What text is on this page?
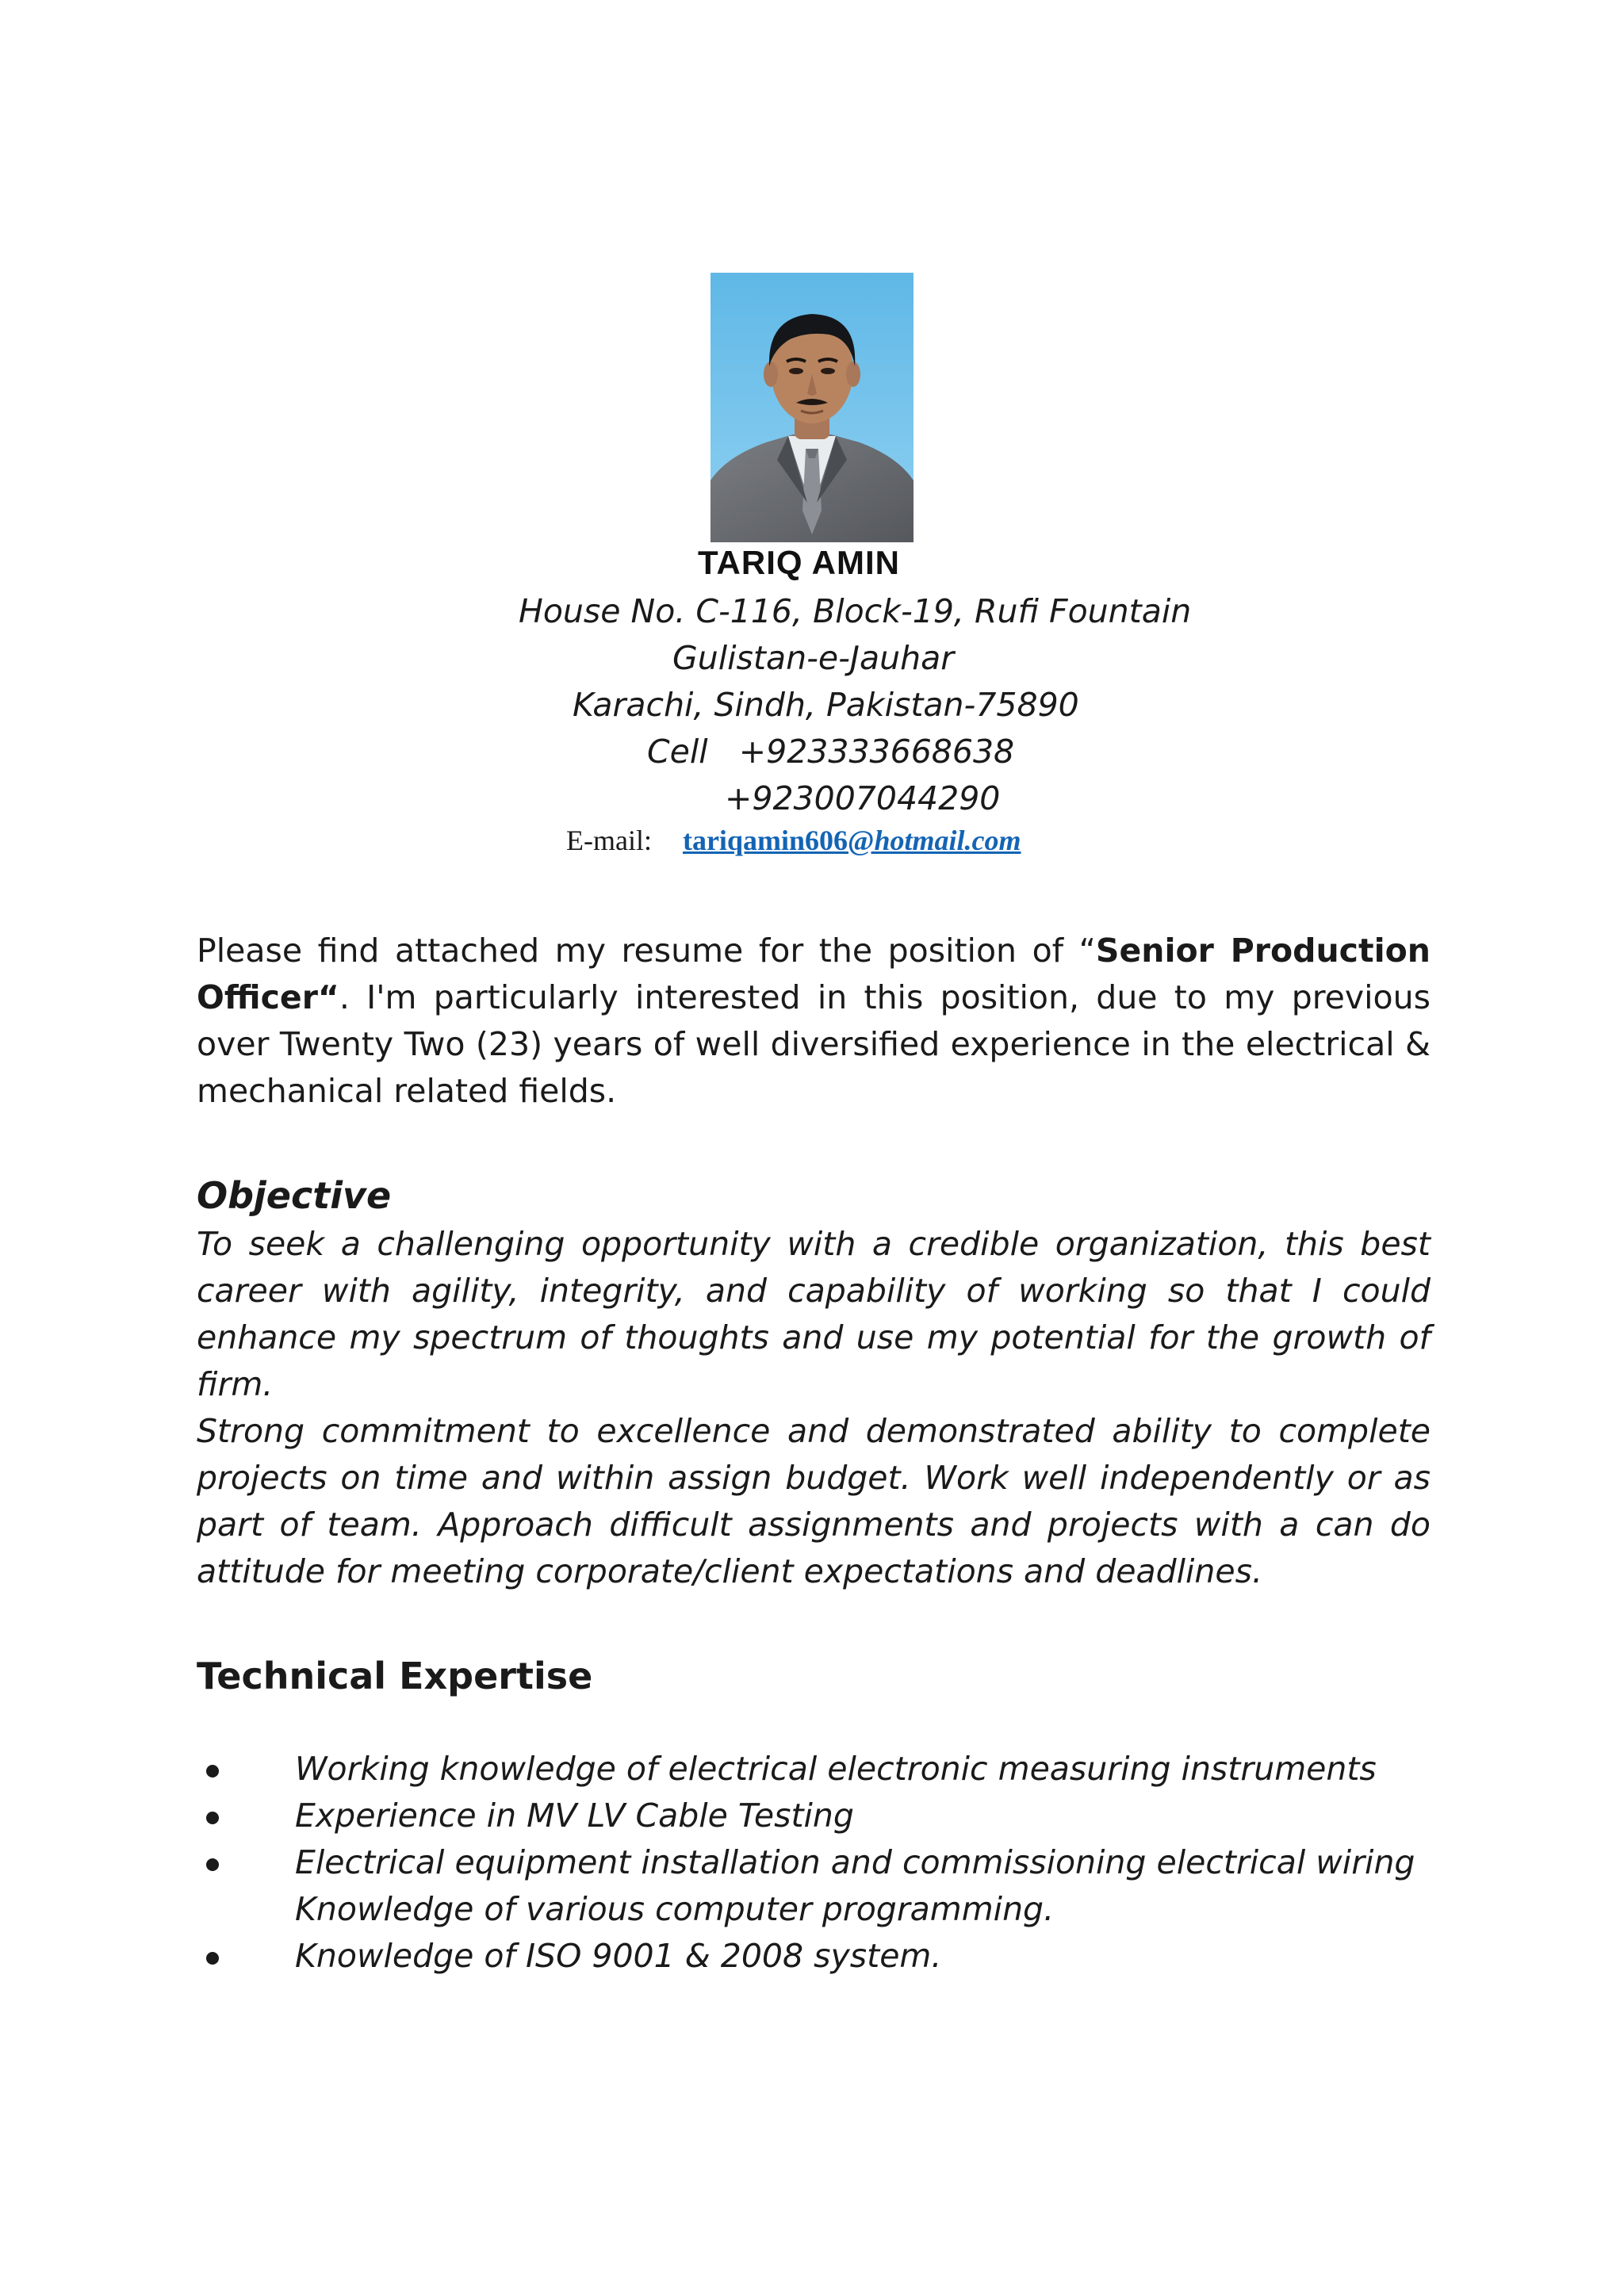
TARIQ AMIN
House No. C-116, Block-19, Rufi Fountain
Gulistan-e-Jauhar
Karachi, Sindh, Pakistan-75890
Cell +923333668638
+923007044290
E-mail: tariqamin606@hotmail.com

Please find attached my resume for the position of “Senior Production Officer“. I'm particularly interested in this position, due to my previous over Twenty Two (23) years of well diversified experience in the electrical & mechanical related fields.

Objective

To seek a challenging opportunity with a credible organization, this best career with agility, integrity, and capability of working so that I could enhance my spectrum of thoughts and use my potential for the growth of firm.

Strong commitment to excellence and demonstrated ability to complete projects on time and within assign budget. Work well independently or as part of team. Approach difficult assignments and projects with a can do attitude for meeting corporate/client expectations and deadlines.

Technical Expertise
Working knowledge of electrical electronic measuring instruments
Experience in MV LV Cable Testing
Electrical equipment installation and commissioning electrical wiring
Knowledge of various computer programming.
Knowledge of ISO 9001 & 2008 system.
